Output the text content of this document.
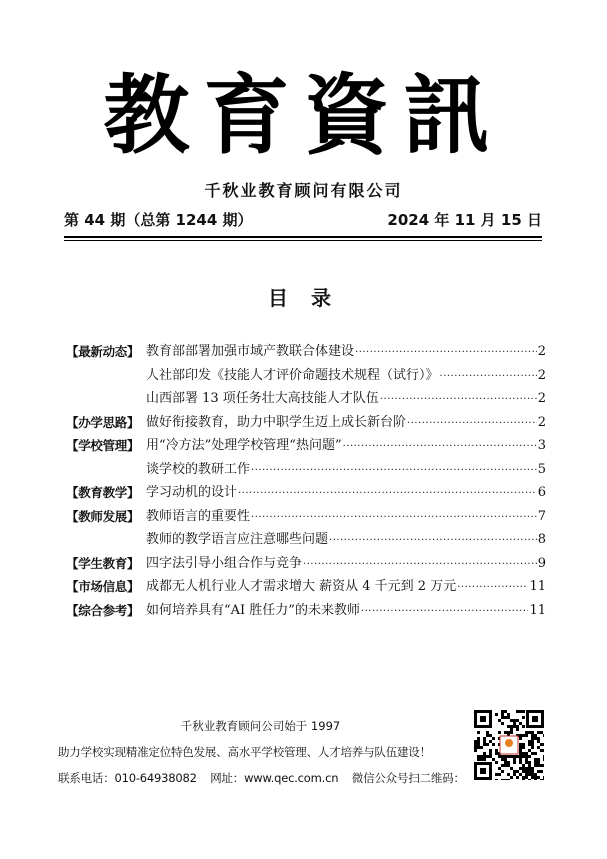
教育資訊
千秋业教育顾问有限公司
第 44 期（总第 1244 期）	2024 年 11 月 15 日
目 录
【最新动态】 教育部部署加强市域产教联合体建设 ·····	2
人社部印发《技能人才评价命题技术规程（试行）》 ·····	2
山西部署 13 项任务壮大高技能人才队伍 ·····	2
【办学思路】 做好衔接教育，助力中职学生迈上成长新台阶 ·····	2
【学校管理】 用“冷方法”处理学校管理“热问题” ·····	3
谈学校的教研工作 ·····	5
【教育教学】 学习动机的设计 ·····	6
【教师发展】 教师语言的重要性 ·····	7
教师的教学语言应注意哪些问题 ·····	8
【学生教育】 四字法引导小组合作与竞争 ·····	9
【市场信息】 成都无人机行业人才需求增大 薪资从 4 千元到 2 万元 ·····	11
【综合参考】 如何培养具有“AI 胜任力”的未来教师 ·····	11
千秋业教育顾问公司始于 1997
助力学校实现精准定位特色发展、高水平学校管理、人才培养与队伍建设！
联系电话：010-64938082 网址：www.qec.com.cn 微信公众号扫二维码：
